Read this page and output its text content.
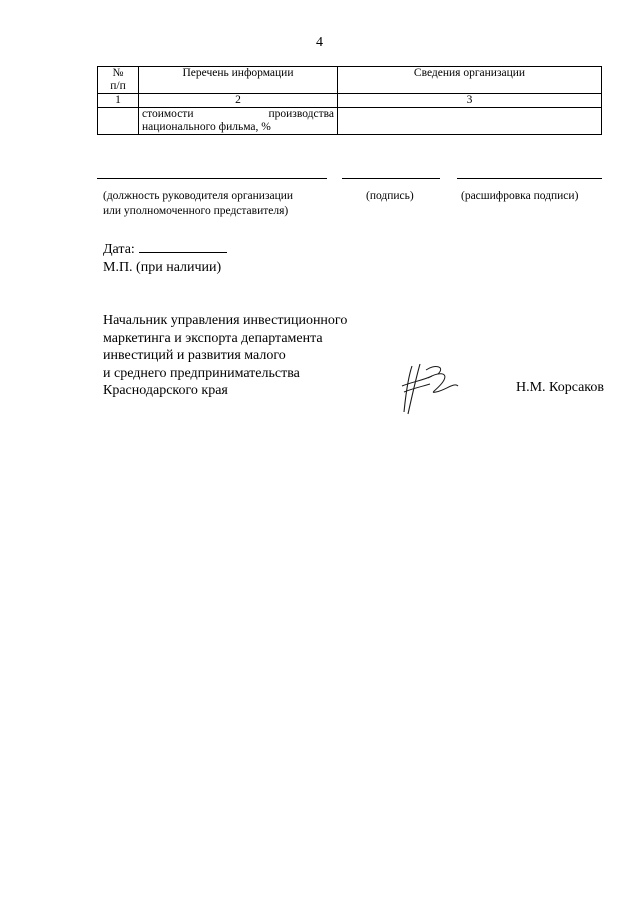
4
№
п/п	Перечень информации	Сведения организации
1	2	3

	стоимости производства
национального фильма, %	
(должность руководителя организации
или уполномоченного представителя)
(подпись)	(расшифровка подписи)
Дата:
М.П. (при наличии)
Начальник управления инвестиционного
маркетинга и экспорта департамента
инвестиций и развития малого
и среднего предпринимательства
Краснодарского края	Н.М. Корсаков
